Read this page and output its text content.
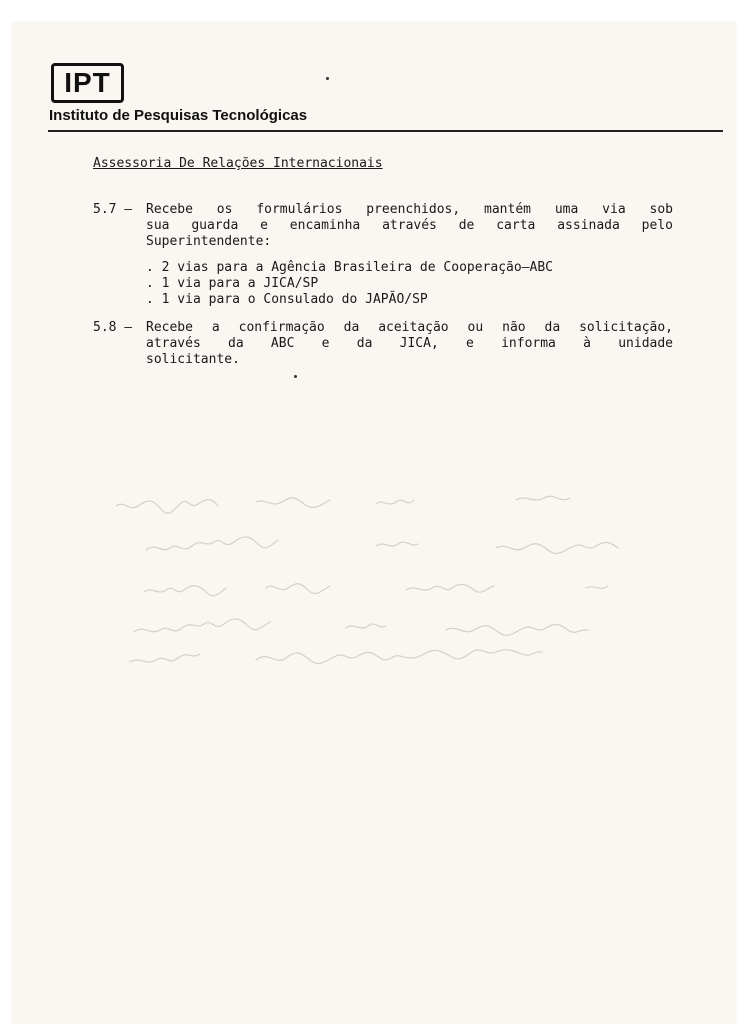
IPT
Instituto de Pesquisas Tecnológicas
Assessoria De Relações Internacionais
5.7 –	Recebe os formulários preenchidos, mantém uma via sob
sua guarda e encaminha através de carta assinada pelo
Superintendente:
. 2 vias para a Agência Brasileira de Cooperação–ABC
. 1 via para a JICA/SP
. 1 via para o Consulado do JAPÃO/SP
5.8 –	Recebe a confirmação da aceitação ou não da solicitação,
através da ABC e da JICA, e informa à unidade
solicitante.
